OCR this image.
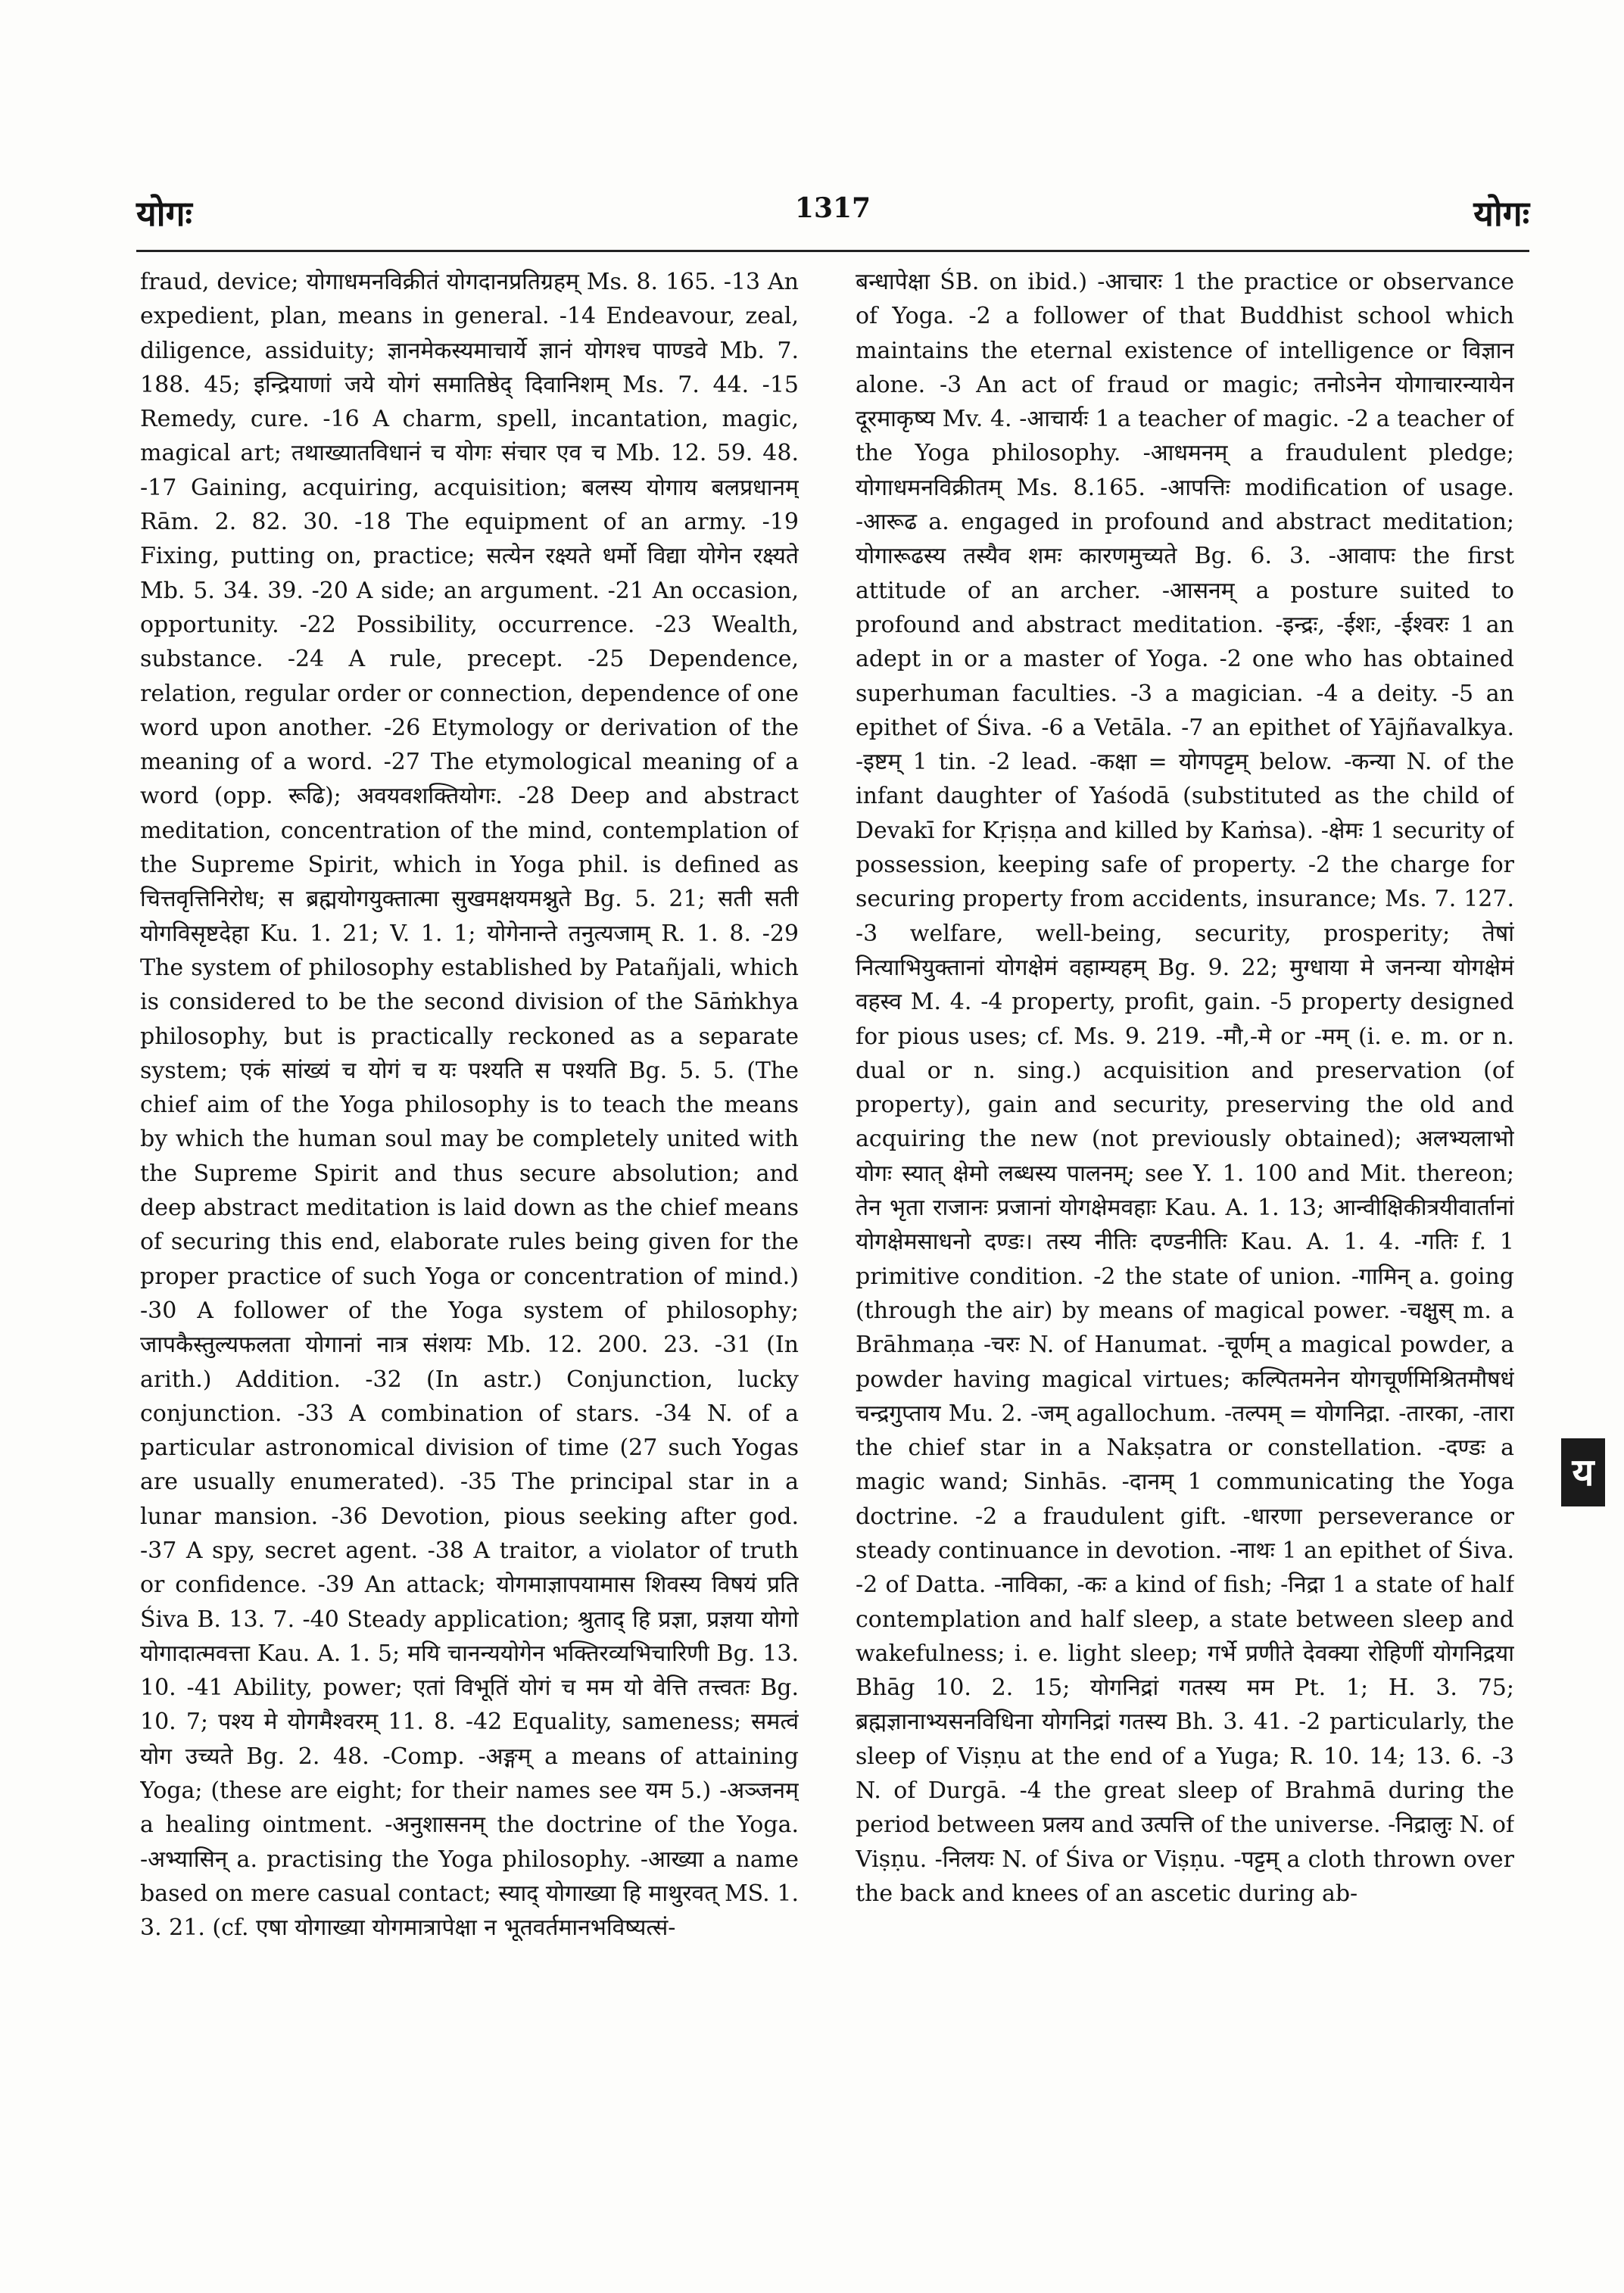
योगः	1317	योगः

fraud, device; योगाधमनविक्रीतं योगदानप्रतिग्रहम् Ms. 8. 165. -13 An expedient, plan, means in general. -14 Endeavour, zeal, diligence, assiduity; ज्ञानमेकस्यमाचार्ये ज्ञानं योगश्च पाण्डवे Mb. 7. 188. 45; इन्द्रियाणां जये योगं समातिष्ठेद् दिवानिशम् Ms. 7. 44. -15 Remedy, cure. -16 A charm, spell, incantation, magic, magical art; तथाख्यातविधानं च योगः संचार एव च Mb. 12. 59. 48. -17 Gaining, acquiring, acquisition; बलस्य योगाय बलप्रधानम् Rām. 2. 82. 30. -18 The equipment of an army. -19 Fixing, putting on, practice; सत्येन रक्ष्यते धर्मो विद्या योगेन रक्ष्यते Mb. 5. 34. 39. -20 A side; an argument. -21 An occasion, opportunity. -22 Possibility, occurrence. -23 Wealth, substance. -24 A rule, precept. -25 Dependence, relation, regular order or connection, dependence of one word upon another. -26 Etymology or derivation of the meaning of a word. -27 The etymological meaning of a word (opp. रूढि); अवयवशक्तियोगः. -28 Deep and abstract meditation, concentration of the mind, contemplation of the Supreme Spirit, which in Yoga phil. is defined as चित्तवृत्तिनिरोध; स ब्रह्मयोगयुक्तात्मा सुखमक्षयमश्नुते Bg. 5. 21; सती सती योगविसृष्टदेहा Ku. 1. 21; V. 1. 1; योगेनान्ते तनुत्यजाम् R. 1. 8. -29 The system of philosophy established by Patañjali, which is considered to be the second division of the Sāṁkhya philosophy, but is practically reckoned as a separate system; एकं सांख्यं च योगं च यः पश्यति स पश्यति Bg. 5. 5. (The chief aim of the Yoga philosophy is to teach the means by which the human soul may be completely united with the Supreme Spirit and thus secure absolution; and deep abstract meditation is laid down as the chief means of securing this end, elaborate rules being given for the proper practice of such Yoga or concentration of mind.) -30 A follower of the Yoga system of philosophy; जापकैस्तुल्यफलता योगानां नात्र संशयः Mb. 12. 200. 23. -31 (In arith.) Addition. -32 (In astr.) Conjunction, lucky conjunction. -33 A combination of stars. -34 N. of a particular astronomical division of time (27 such Yogas are usually enumerated). -35 The principal star in a lunar mansion. -36 Devotion, pious seeking after god. -37 A spy, secret agent. -38 A traitor, a violator of truth or confidence. -39 An attack; योगमाज्ञापयामास शिवस्य विषयं प्रति Śiva B. 13. 7. -40 Steady application; श्रुताद् हि प्रज्ञा, प्रज्ञया योगो योगादात्मवत्ता Kau. A. 1. 5; मयि चानन्ययोगेन भक्तिरव्यभिचारिणी Bg. 13. 10. -41 Ability, power; एतां विभूतिं योगं च मम यो वेत्ति तत्त्वतः Bg. 10. 7; पश्य मे योगमैश्वरम् 11. 8. -42 Equality, sameness; समत्वं योग उच्यते Bg. 2. 48. -Comp. -अङ्गम् a means of attaining Yoga; (these are eight; for their names see यम 5.) -अञ्जनम् a healing ointment. -अनुशासनम् the doctrine of the Yoga. -अभ्यासिन् a. practising the Yoga philosophy. -आख्या a name based on mere casual contact; स्याद् योगाख्या हि माथुरवत् MS. 1. 3. 21. (cf. एषा योगाख्या योगमात्रापेक्षा न भूतवर्तमानभविष्यत्सं-

बन्धापेक्षा ŚB. on ibid.) -आचारः 1 the practice or observance of Yoga. -2 a follower of that Buddhist school which maintains the eternal existence of intelligence or विज्ञान alone. -3 An act of fraud or magic; तनोऽनेन योगाचारन्यायेन दूरमाकृष्य Mv. 4. -आचार्यः 1 a teacher of magic. -2 a teacher of the Yoga philosophy. -आधमनम् a fraudulent pledge; योगाधमनविक्रीतम् Ms. 8.165. -आपत्तिः modification of usage. -आरूढ a. engaged in profound and abstract meditation; योगारूढस्य तस्यैव शमः कारणमुच्यते Bg. 6. 3. -आवापः the first attitude of an archer. -आसनम् a posture suited to profound and abstract meditation. -इन्द्रः, -ईशः, -ईश्वरः 1 an adept in or a master of Yoga. -2 one who has obtained superhuman faculties. -3 a magician. -4 a deity. -5 an epithet of Śiva. -6 a Vetāla. -7 an epithet of Yājñavalkya. -इष्टम् 1 tin. -2 lead. -कक्षा = योगपट्टम् below. -कन्या N. of the infant daughter of Yaśodā (substituted as the child of Devakī for Kṛiṣṇa and killed by Kaṁsa). -क्षेमः 1 security of possession, keeping safe of property. -2 the charge for securing property from accidents, insurance; Ms. 7. 127. -3 welfare, well-being, security, prosperity; तेषां नित्याभियुक्तानां योगक्षेमं वहाम्यहम् Bg. 9. 22; मुग्धाया मे जनन्या योगक्षेमं वहस्व M. 4. -4 property, profit, gain. -5 property designed for pious uses; cf. Ms. 9. 219. -मौ,-मे or -मम् (i. e. m. or n. dual or n. sing.) acquisition and preservation (of property), gain and security, preserving the old and acquiring the new (not previously obtained); अलभ्यलाभो योगः स्यात् क्षेमो लब्धस्य पालनम्; see Y. 1. 100 and Mit. thereon; तेन भृता राजानः प्रजानां योगक्षेमवहाः Kau. A. 1. 13; आन्वीक्षिकीत्रयीवार्तानां योगक्षेमसाधनो दण्डः। तस्य नीतिः दण्डनीतिः Kau. A. 1. 4. -गतिः f. 1 primitive condition. -2 the state of union. -गामिन् a. going (through the air) by means of magical power. -चक्षुस् m. a Brāhmaṇa -चरः N. of Hanumat. -चूर्णम् a magical powder, a powder having magical virtues; कल्पितमनेन योगचूर्णमिश्रितमौषधं चन्द्रगुप्ताय Mu. 2. -जम् agallochum. -तल्पम् = योगनिद्रा. -तारका, -तारा the chief star in a Nakṣatra or constellation. -दण्डः a magic wand; Sinhās. -दानम् 1 communicating the Yoga doctrine. -2 a fraudulent gift. -धारणा perseverance or steady continuance in devotion. -नाथः 1 an epithet of Śiva. -2 of Datta. -नाविका, -कः a kind of fish; -निद्रा 1 a state of half contemplation and half sleep, a state between sleep and wakefulness; i. e. light sleep; गर्भे प्रणीते देवक्या रोहिणीं योगनिद्रया Bhāg 10. 2. 15; योगनिद्रां गतस्य मम Pt. 1; H. 3. 75; ब्रह्मज्ञानाभ्यसनविधिना योगनिद्रां गतस्य Bh. 3. 41. -2 particularly, the sleep of Viṣṇu at the end of a Yuga; R. 10. 14; 13. 6. -3 N. of Durgā. -4 the great sleep of Brahmā during the period between प्रलय and उत्पत्ति of the universe. -निद्रालुः N. of Viṣṇu. -निलयः N. of Śiva or Viṣṇu. -पट्टम् a cloth thrown over the back and knees of an ascetic during ab-

य
